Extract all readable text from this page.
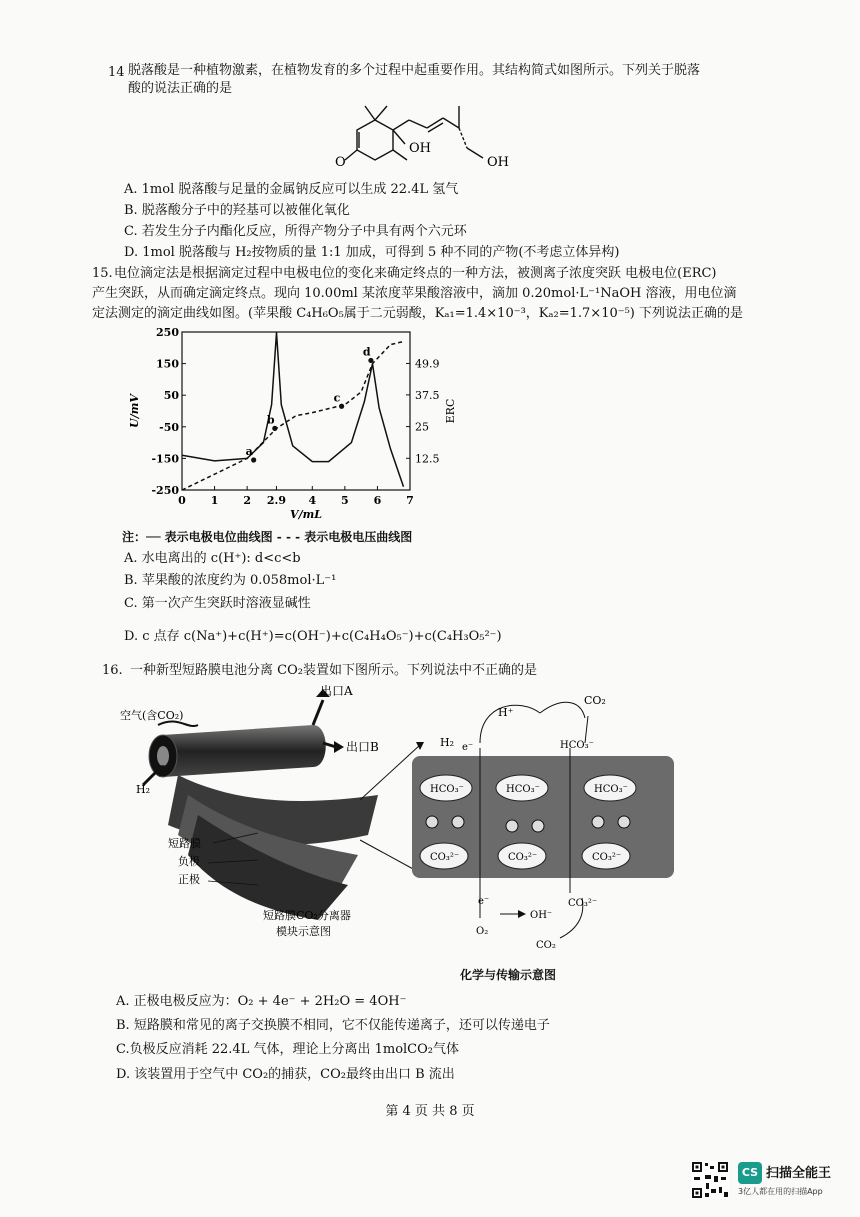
14 脱落酸是一种植物激素，在植物发育的多个过程中起重要作用。其结构简式如图所示。下列关于脱落
酸的说法正确的是
OH
O	OH
A. 1mol 脱落酸与足量的金属钠反应可以生成 22.4L 氢气
B. 脱落酸分子中的羟基可以被催化氧化
C. 若发生分子内酯化反应，所得产物分子中具有两个六元环
D. 1mol 脱落酸与 H₂按物质的量 1:1 加成，可得到 5 种不同的产物(不考虑立体异构)
15. 电位滴定法是根据滴定过程中电极电位的变化来确定终点的一种方法，被测离子浓度突跃 电极电位(ERC)
产生突跃，从而确定滴定终点。现向 10.00ml 某浓度苹果酸溶液中，滴加 0.20mol·L⁻¹NaOH 溶液，用电位滴
定法测定的滴定曲线如图。(苹果酸 C₄H₆O₅属于二元弱酸，Kₐ₁=1.4×10⁻³，Kₐ₂=1.7×10⁻⁵) 下列说法正确的是
0 1 2 2.9 4 5 6 7
250
150
50
-50
-150
-250
49.9
37.5
25
12.5
V/mL
U/mV	ERC
a
b
c
d
注：── 表示电极电位曲线图 - - - 表示电极电压曲线图
A. 水电离出的 c(H⁺): d<c<b
B. 苹果酸的浓度约为 0.058mol·L⁻¹
C. 第一次产生突跃时溶液显碱性
D. c 点存 c(Na⁺)+c(H⁺)=c(OH⁻)+c(C₄H₄O₅⁻)+c(C₄H₃O₅²⁻)
16. 一种新型短路膜电池分离 CO₂装置如下图所示。下列说法中不正确的是
出口A
空气(含CO₂)
出口B
H₂
短路膜
负极
正极
短路膜CO₂分离器
模块示意图
H₂ e⁻
H⁺
CO₂
HCO₃⁻
HCO₃⁻	HCO₃⁻	HCO₃⁻
CO₃²⁻	CO₃²⁻	CO₃²⁻
e⁻
OH⁻
CO₃²⁻
O₂
CO₂
化学与传输示意图
A. 正极电极反应为：O₂ + 4e⁻ + 2H₂O = 4OH⁻
B. 短路膜和常见的离子交换膜不相同，它不仅能传递离子，还可以传递电子
C.负极反应消耗 22.4L 气体，理论上分离出 1molCO₂气体
D. 该装置用于空气中 CO₂的捕获，CO₂最终由出口 B 流出
第 4 页 共 8 页
CS 扫描全能王
3亿人都在用的扫描App
